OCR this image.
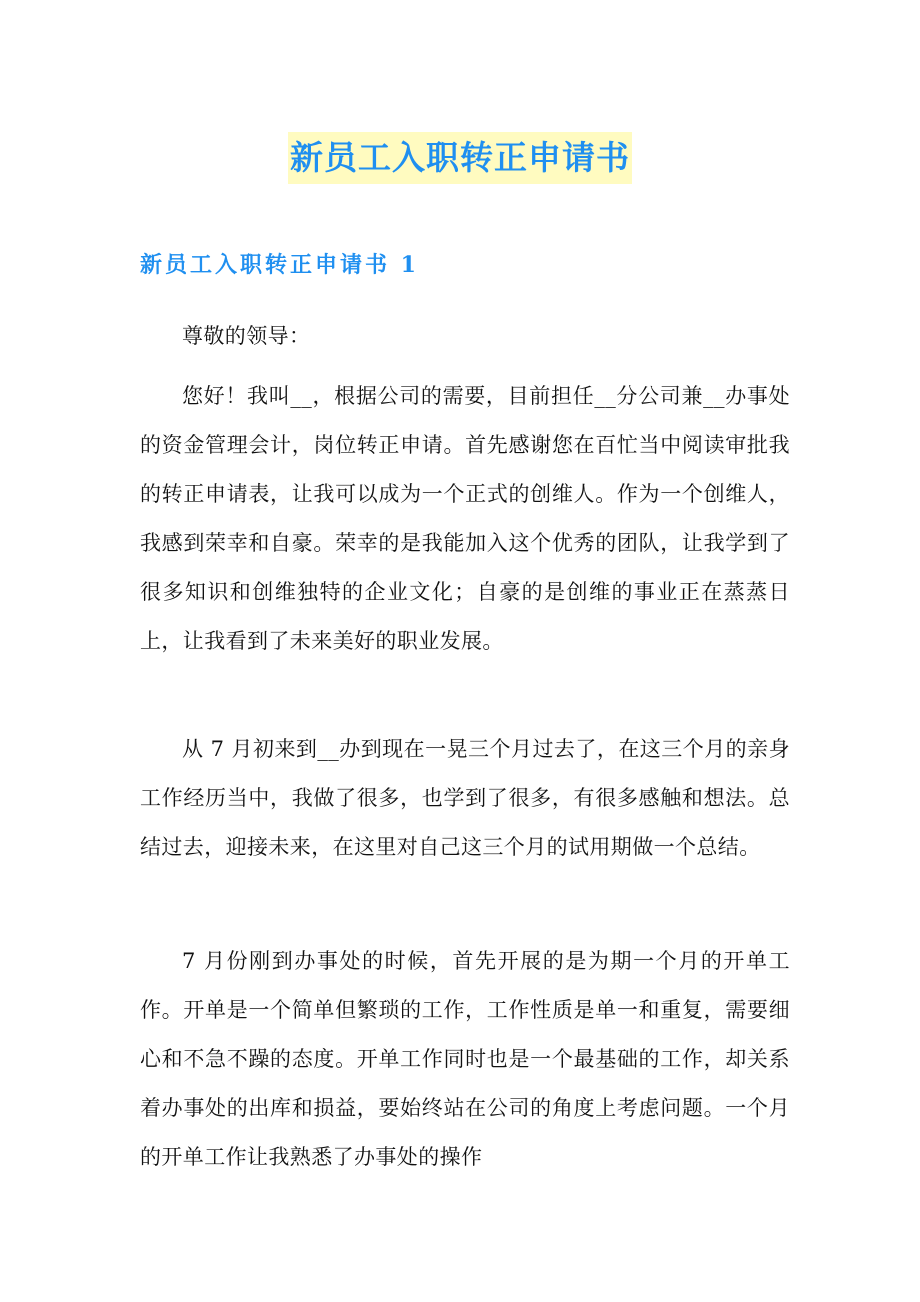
新员工入职转正申请书
新员工入职转正申请书 1
尊敬的领导：

您好！我叫__，根据公司的需要，目前担任__分公司兼__办事处的资金管理会计，岗位转正申请。首先感谢您在百忙当中阅读审批我的转正申请表，让我可以成为一个正式的创维人。作为一个创维人，我感到荣幸和自豪。荣幸的是我能加入这个优秀的团队，让我学到了很多知识和创维独特的企业文化；自豪的是创维的事业正在蒸蒸日上，让我看到了未来美好的职业发展。

从 7 月初来到__办到现在一晃三个月过去了，在这三个月的亲身工作经历当中，我做了很多，也学到了很多，有很多感触和想法。总结过去，迎接未来，在这里对自己这三个月的试用期做一个总结。

7 月份刚到办事处的时候，首先开展的是为期一个月的开单工作。开单是一个简单但繁琐的工作，工作性质是单一和重复，需要细心和不急不躁的态度。开单工作同时也是一个最基础的工作，却关系着办事处的出库和损益，要始终站在公司的角度上考虑问题。一个月的开单工作让我熟悉了办事处的操作
